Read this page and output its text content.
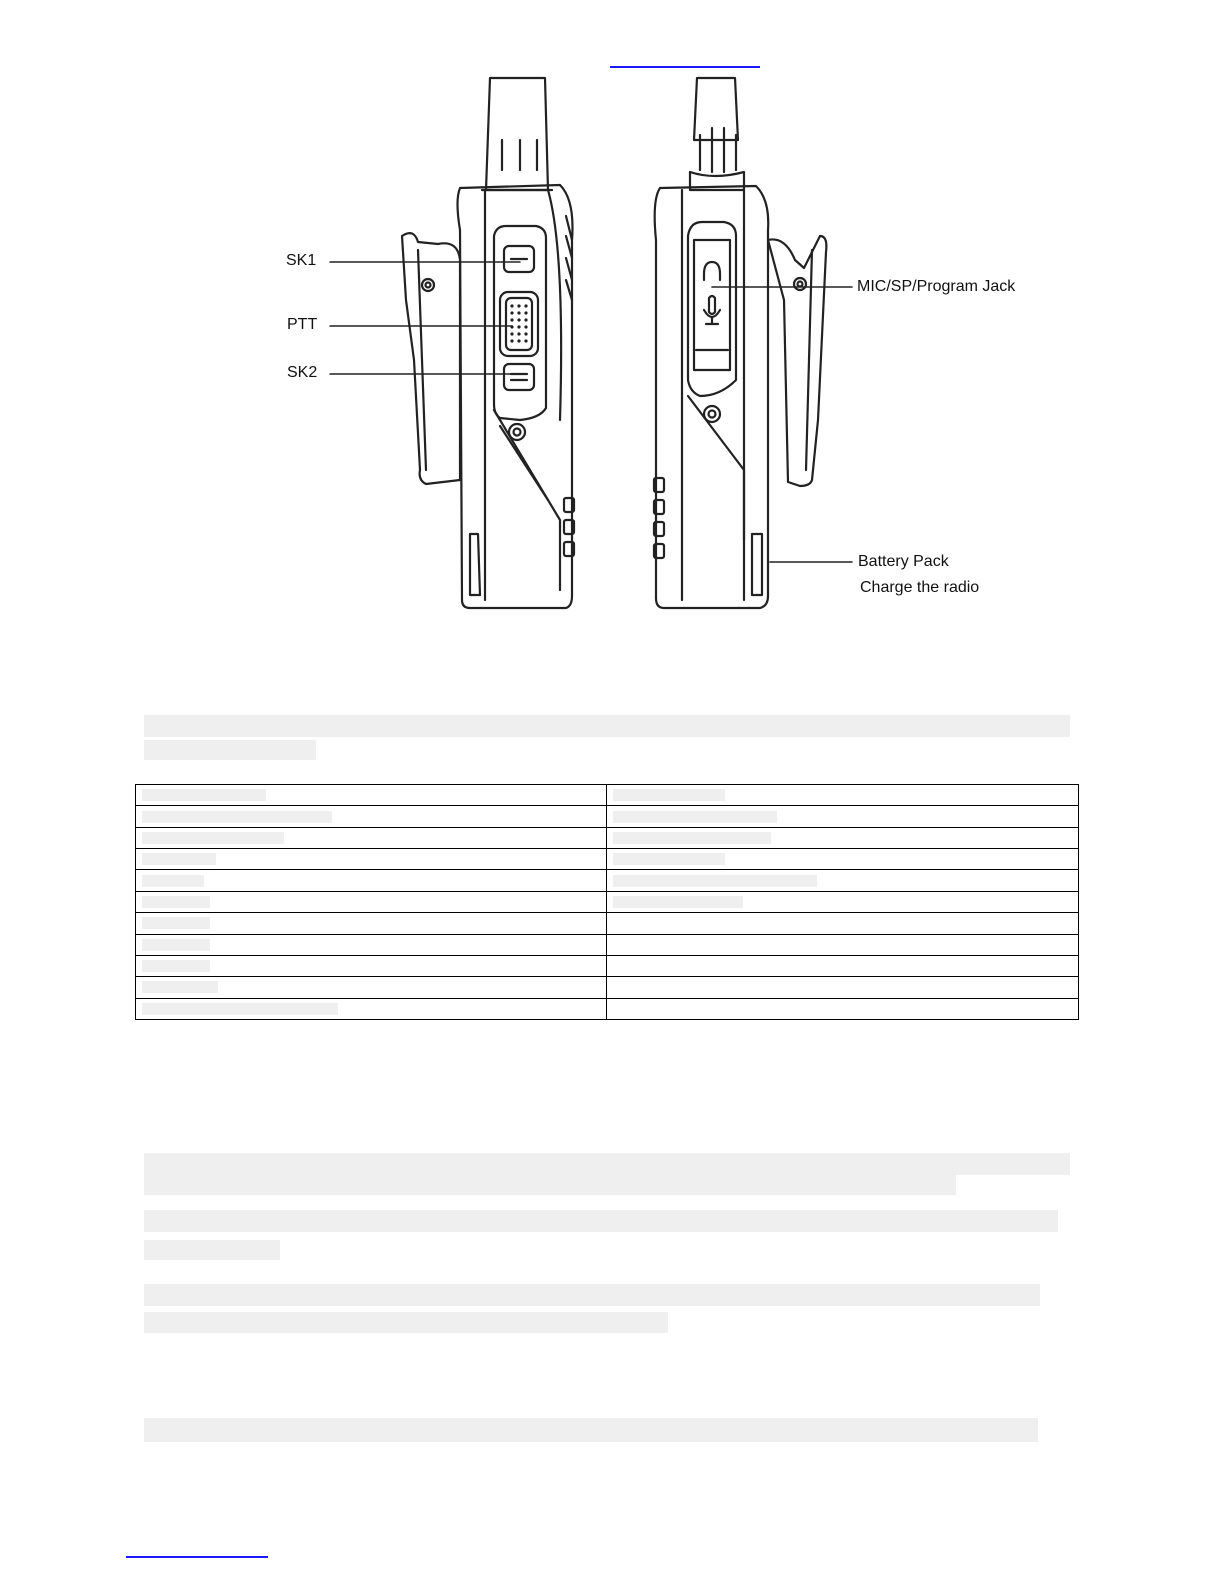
SK1
PTT
SK2
MIC/SP/Program Jack
Battery Pack
Charge the radio
